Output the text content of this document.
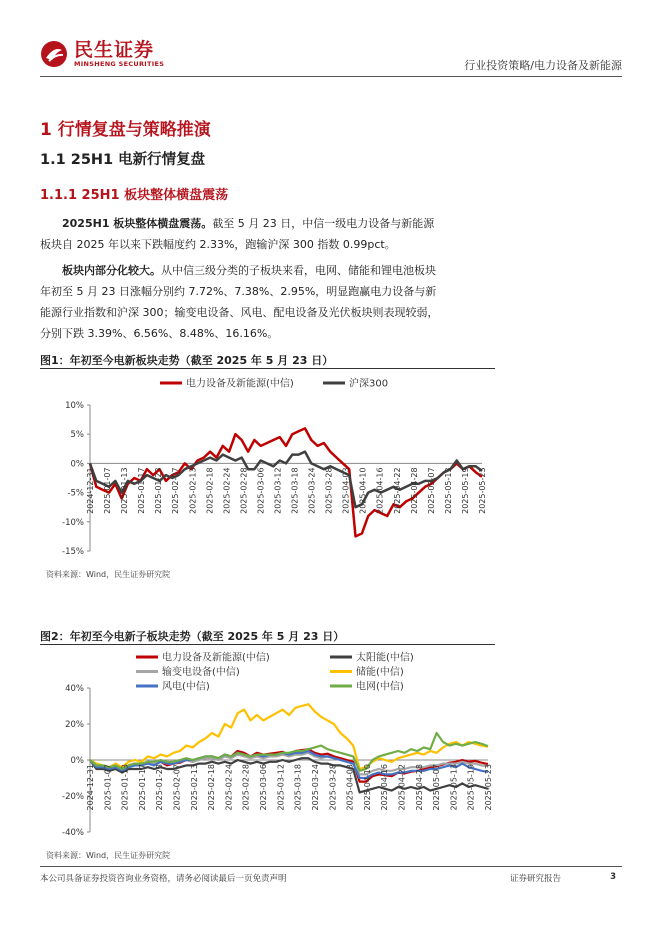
民生证券
MINSHENG SECURITIES	行业投资策略/电力设备及新能源
1 行情复盘与策略推演
1.1 25H1 电新行情复盘
1.1.1 25H1 板块整体横盘震荡
2025H1 板块整体横盘震荡。截至 5 月 23 日，中信一级电力设备与新能源板块自 2025 年以来下跌幅度约 2.33%，跑输沪深 300 指数 0.99pct。
板块内部分化较大。从中信三级分类的子板块来看，电网、储能和锂电池板块年初至 5 月 23 日涨幅分别约 7.72%、7.38%、2.95%，明显跑赢电力设备与新能源行业指数和沪深 300；输变电设备、风电、配电设备及光伏板块则表现较弱，分别下跌 3.39%、6.56%、8.48%、16.16%。
图1：年初至今电新板块走势（截至 2025 年 5 月 23 日）
电力设备及新能源(中信)	沪深300
10%
5%
0%
-5%
-10%
-15%
2024-12-31 2025-01-07 2025-01-13 2025-01-17 2025-01-23 2025-02-07 2025-02-13 2025-02-18 2025-02-24 2025-02-28 2025-03-06 2025-03-12 2025-03-18 2025-03-24 2025-03-28 2025-04-03 2025-04-10 2025-04-16 2025-04-22 2025-04-28 2025-05-07 2025-05-13 2025-05-19 2025-05-23
资料来源：Wind，民生证券研究院
图2：年初至今电新子板块走势（截至 2025 年 5 月 23 日）
电力设备及新能源(中信)	太阳能(中信)
输变电设备(中信)	储能(中信)
风电(中信)	电网(中信)
40%
20%
0%
-20%
-40%
2024-12-31 2025-01-07 2025-01-13 2025-01-17 2025-01-23 2025-02-07 2025-02-13 2025-02-18 2025-02-24 2025-02-28 2025-03-06 2025-03-12 2025-03-18 2025-03-24 2025-03-28 2025-04-03 2025-04-10 2025-04-16 2025-04-22 2025-04-28 2025-05-07 2025-05-13 2025-05-19 2025-05-23
资料来源：Wind，民生证券研究院
本公司具备证券投资咨询业务资格，请务必阅读最后一页免责声明	证券研究报告	3
